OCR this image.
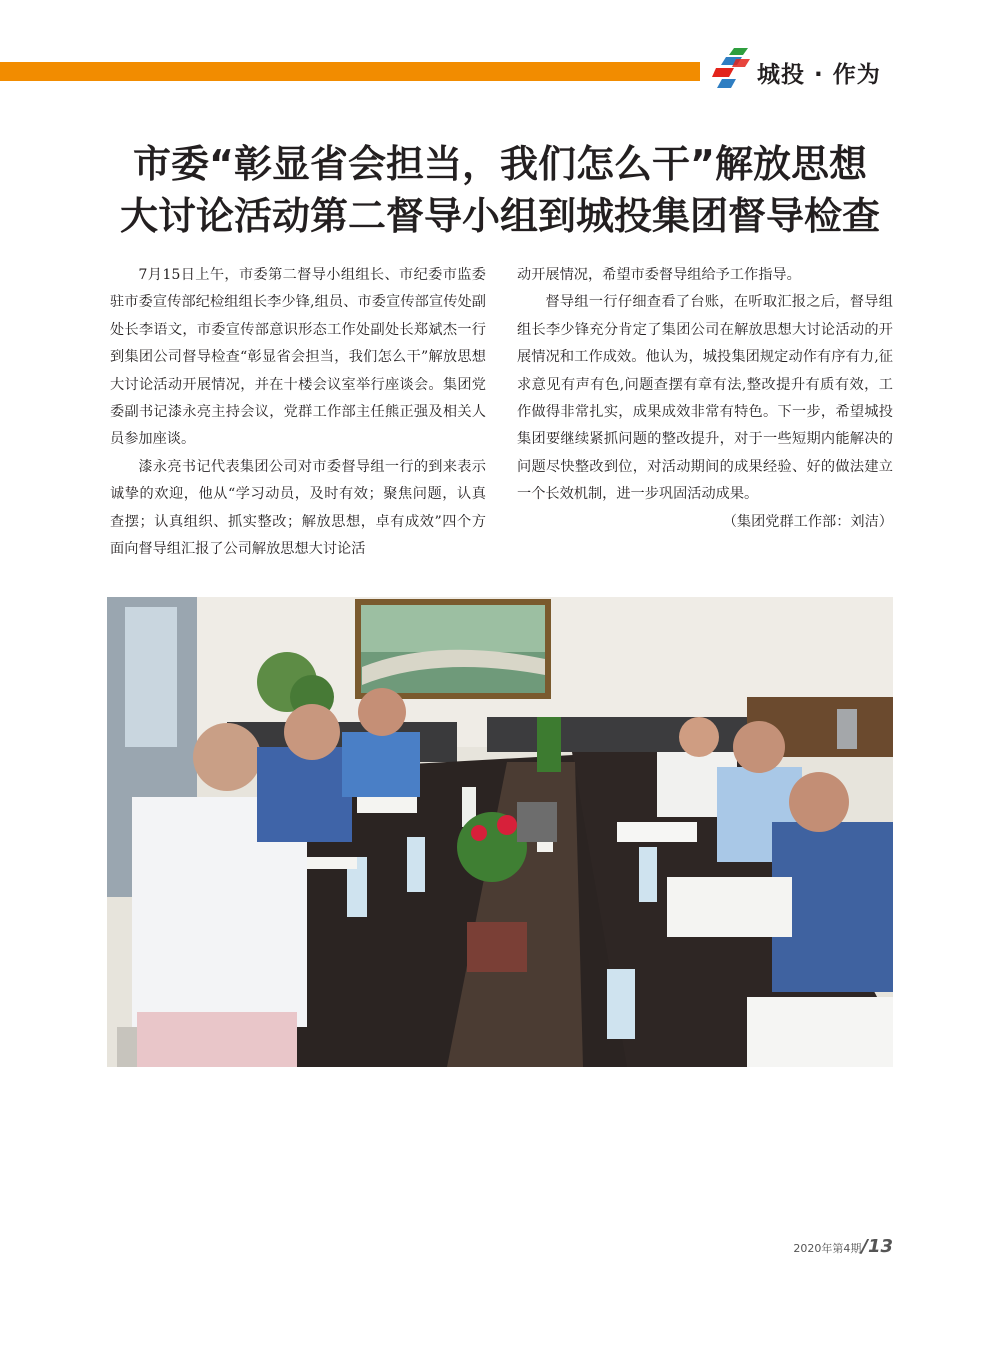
城投 · 作为
市委“彰显省会担当，我们怎么干”解放思想
大讨论活动第二督导小组到城投集团督导检查

7月15日上午，市委第二督导小组组长、市纪委市监委驻市委宣传部纪检组组长李少锋,组员、市委宣传部宣传处副处长李语文，市委宣传部意识形态工作处副处长郑斌杰一行到集团公司督导检查“彰显省会担当，我们怎么干”解放思想大讨论活动开展情况，并在十楼会议室举行座谈会。集团党委副书记漆永亮主持会议，党群工作部主任熊正强及相关人员参加座谈。

漆永亮书记代表集团公司对市委督导组一行的到来表示诚挚的欢迎，他从“学习动员，及时有效；聚焦问题，认真查摆；认真组织、抓实整改；解放思想，卓有成效”四个方面向督导组汇报了公司解放思想大讨论活

动开展情况，希望市委督导组给予工作指导。

督导组一行仔细查看了台账，在听取汇报之后，督导组组长李少锋充分肯定了集团公司在解放思想大讨论活动的开展情况和工作成效。他认为，城投集团规定动作有序有力,征求意见有声有色,问题查摆有章有法,整改提升有质有效，工作做得非常扎实，成果成效非常有特色。下一步，希望城投集团要继续紧抓问题的整改提升，对于一些短期内能解决的问题尽快整改到位，对活动期间的成果经验、好的做法建立一个长效机制，进一步巩固活动成果。

（集团党群工作部：刘洁）
2020年第4期/13
